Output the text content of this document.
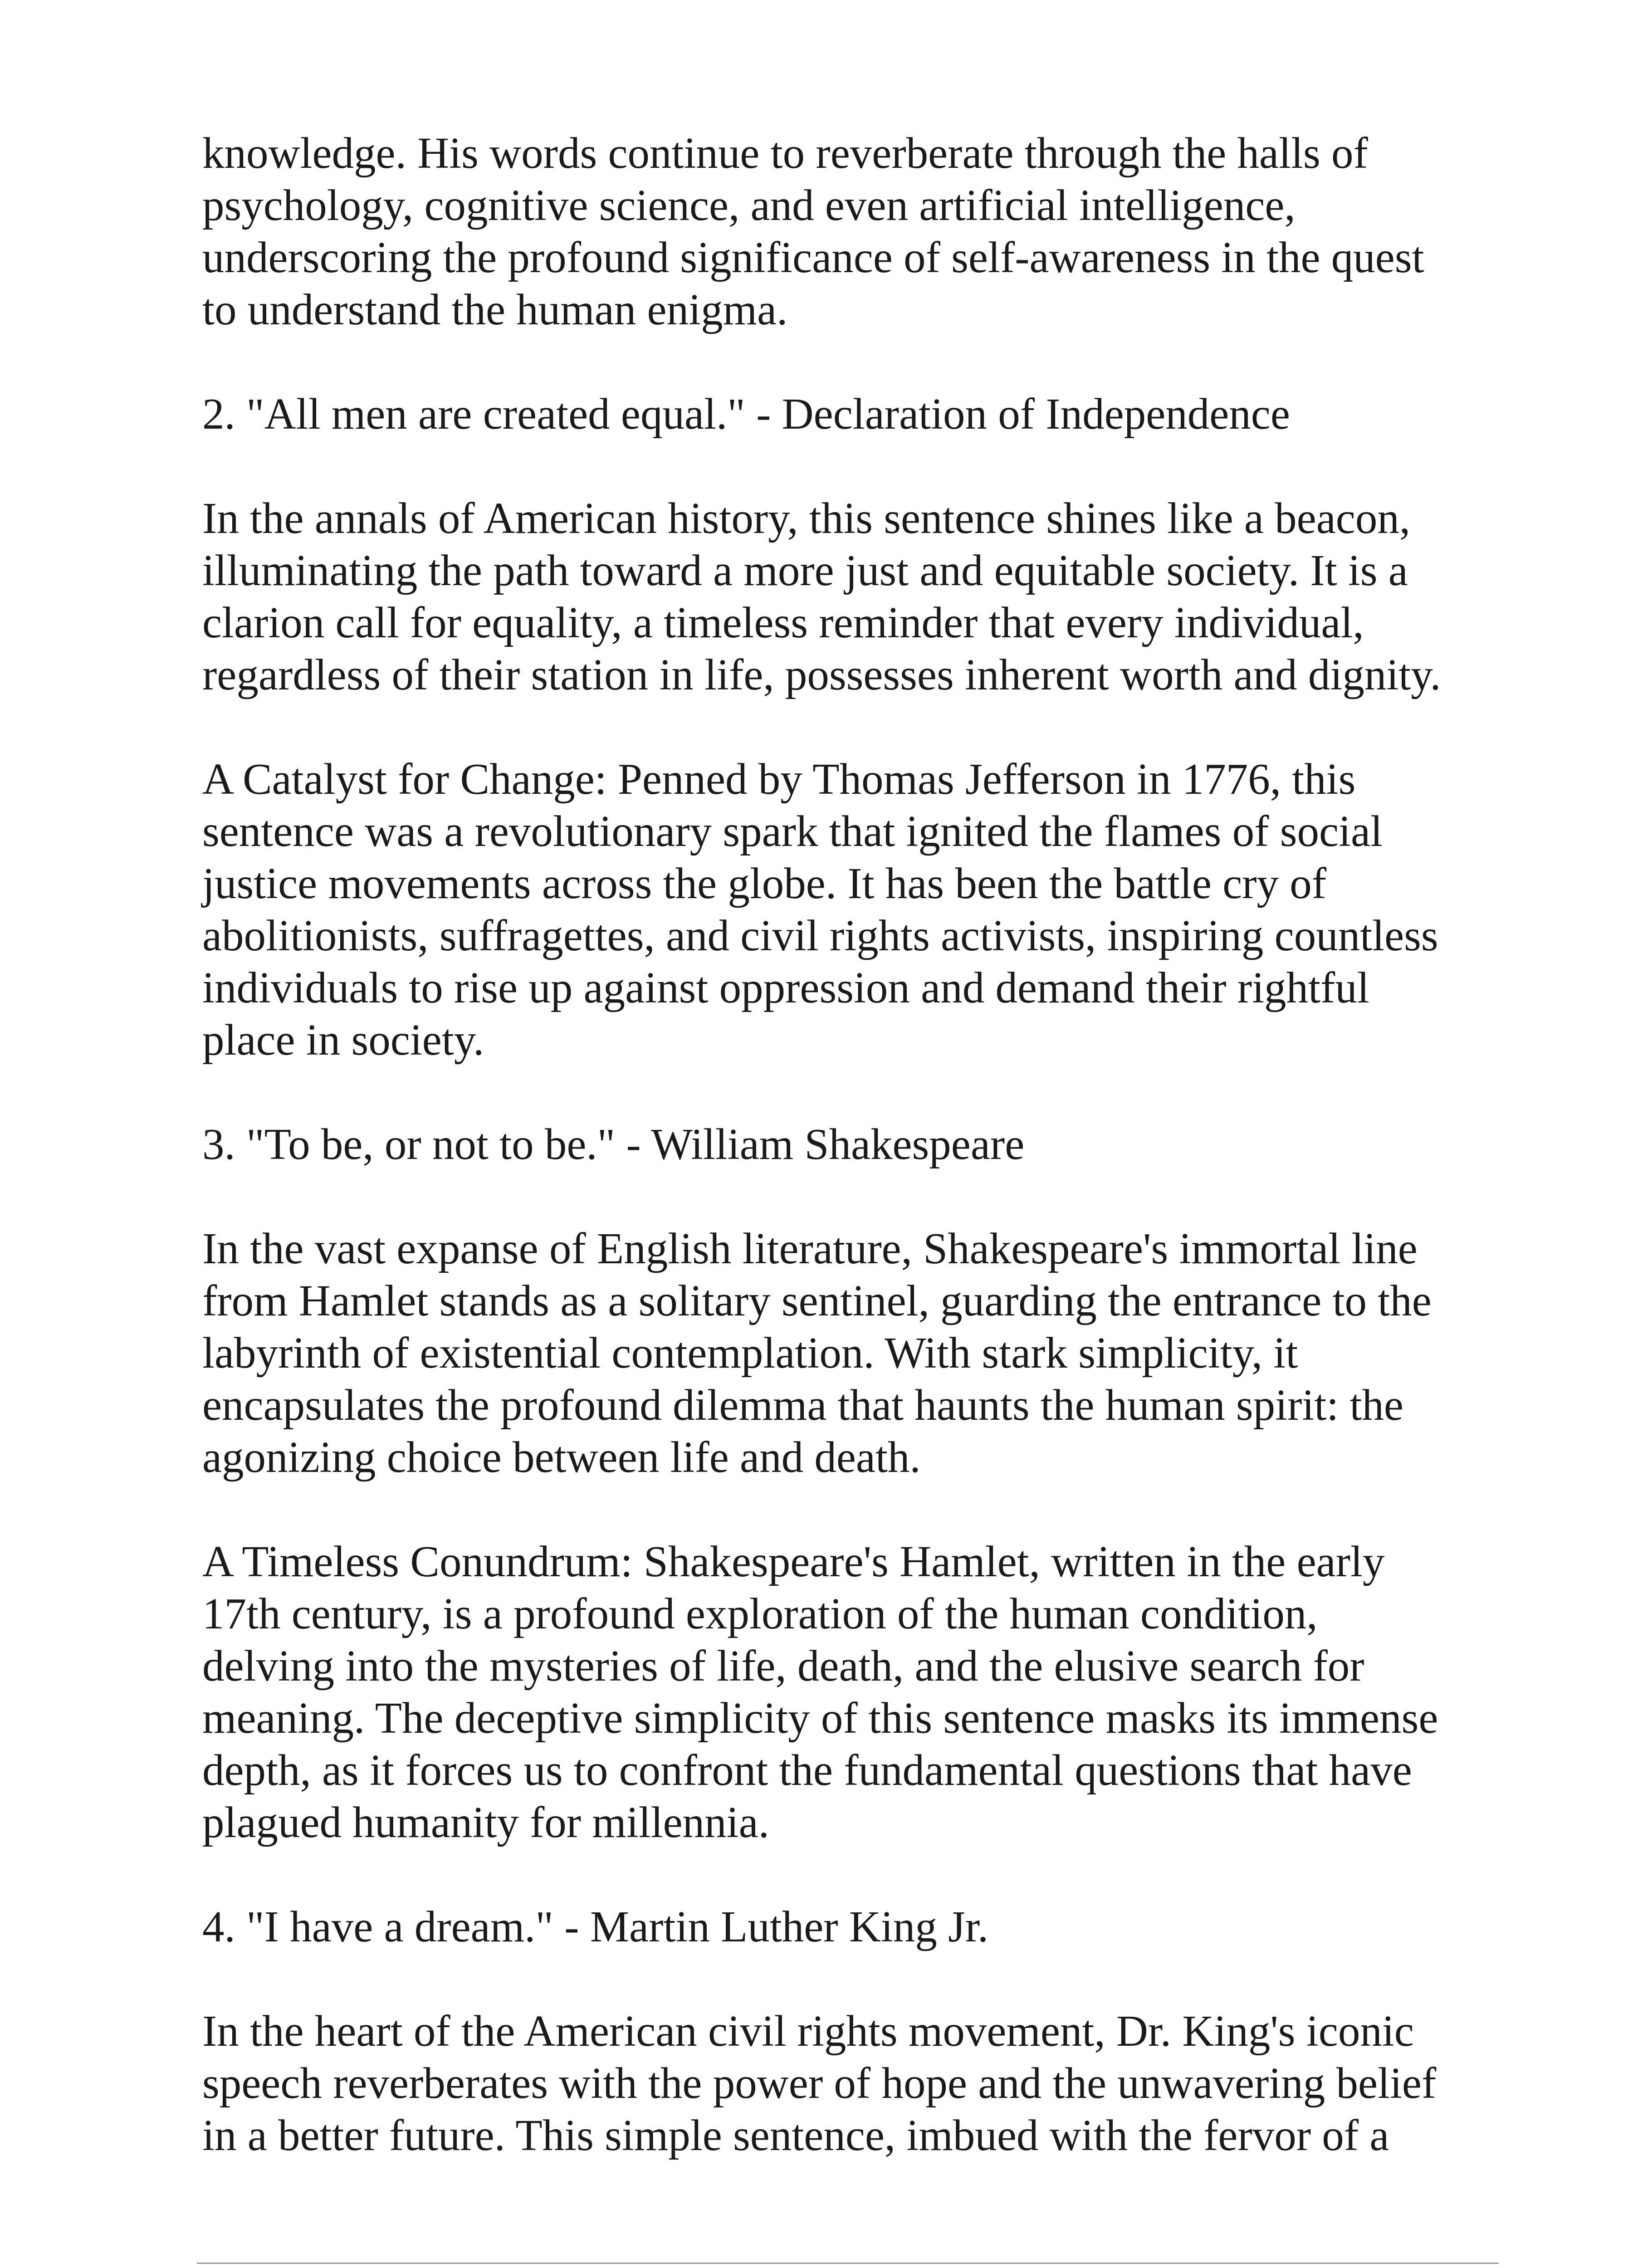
knowledge. His words continue to reverberate through the halls of
psychology, cognitive science, and even artificial intelligence,
underscoring the profound significance of self-awareness in the quest
to understand the human enigma.

2. "All men are created equal." - Declaration of Independence

In the annals of American history, this sentence shines like a beacon,
illuminating the path toward a more just and equitable society. It is a
clarion call for equality, a timeless reminder that every individual,
regardless of their station in life, possesses inherent worth and dignity.

A Catalyst for Change: Penned by Thomas Jefferson in 1776, this
sentence was a revolutionary spark that ignited the flames of social
justice movements across the globe. It has been the battle cry of
abolitionists, suffragettes, and civil rights activists, inspiring countless
individuals to rise up against oppression and demand their rightful
place in society.

3. "To be, or not to be." - William Shakespeare

In the vast expanse of English literature, Shakespeare's immortal line
from Hamlet stands as a solitary sentinel, guarding the entrance to the
labyrinth of existential contemplation. With stark simplicity, it
encapsulates the profound dilemma that haunts the human spirit: the
agonizing choice between life and death.

A Timeless Conundrum: Shakespeare's Hamlet, written in the early
17th century, is a profound exploration of the human condition,
delving into the mysteries of life, death, and the elusive search for
meaning. The deceptive simplicity of this sentence masks its immense
depth, as it forces us to confront the fundamental questions that have
plagued humanity for millennia.

4. "I have a dream." - Martin Luther King Jr.

In the heart of the American civil rights movement, Dr. King's iconic
speech reverberates with the power of hope and the unwavering belief
in a better future. This simple sentence, imbued with the fervor of a
